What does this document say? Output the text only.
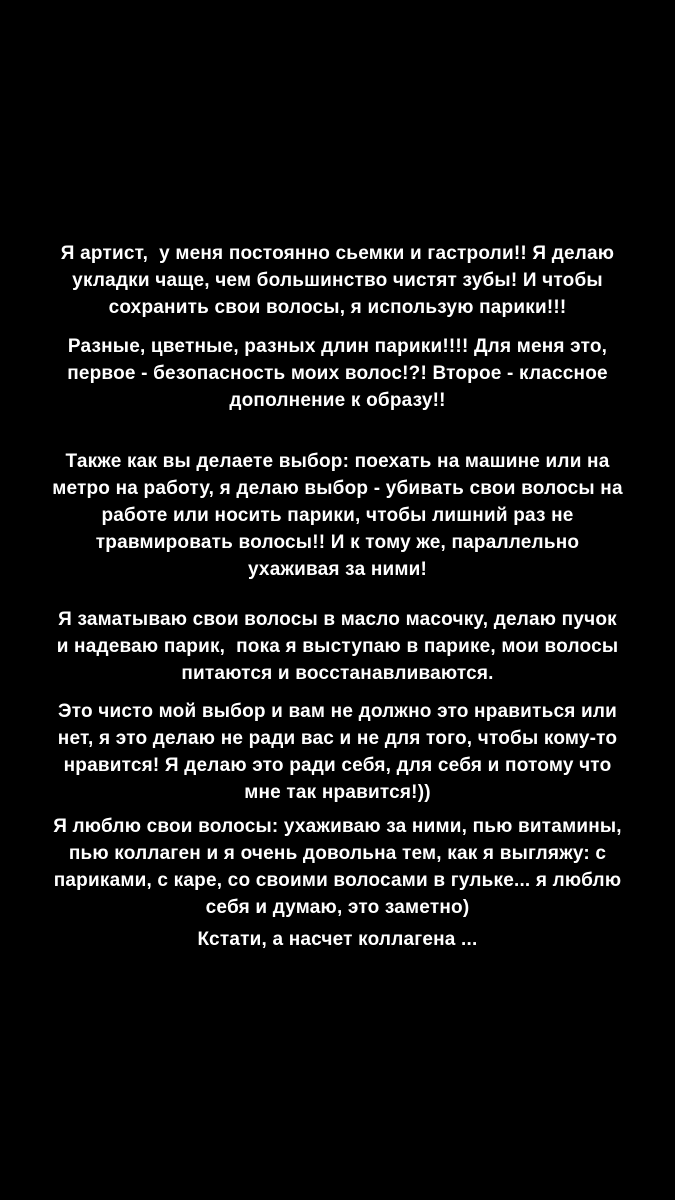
Я артист,  у меня постоянно сьемки и гастроли!! Я делаю
укладки чаще, чем большинство чистят зубы! И чтобы
сохранить свои волосы, я использую парики!!!
Разные, цветные, разных длин парики!!!! Для меня это,
первое - безопасность моих волос!?! Второе - классное
дополнение к образу!!
Также как вы делаете выбор: поехать на машине или на
метро на работу, я делаю выбор - убивать свои волосы на
работе или носить парики, чтобы лишний раз не
травмировать волосы!! И к тому же, параллельно
ухаживая за ними!
Я заматываю свои волосы в масло масочку, делаю пучок
и надеваю парик,  пока я выступаю в парике, мои волосы
питаются и восстанавливаются.
Это чисто мой выбор и вам не должно это нравиться или
нет, я это делаю не ради вас и не для того, чтобы кому-то
нравится! Я делаю это ради себя, для себя и потому что
мне так нравится!))
Я люблю свои волосы: ухаживаю за ними, пью витамины,
пью коллаген и я очень довольна тем, как я выгляжу: с
париками, с каре, со своими волосами в гульке... я люблю
себя и думаю, это заметно)
Кстати, а насчет коллагена ...
